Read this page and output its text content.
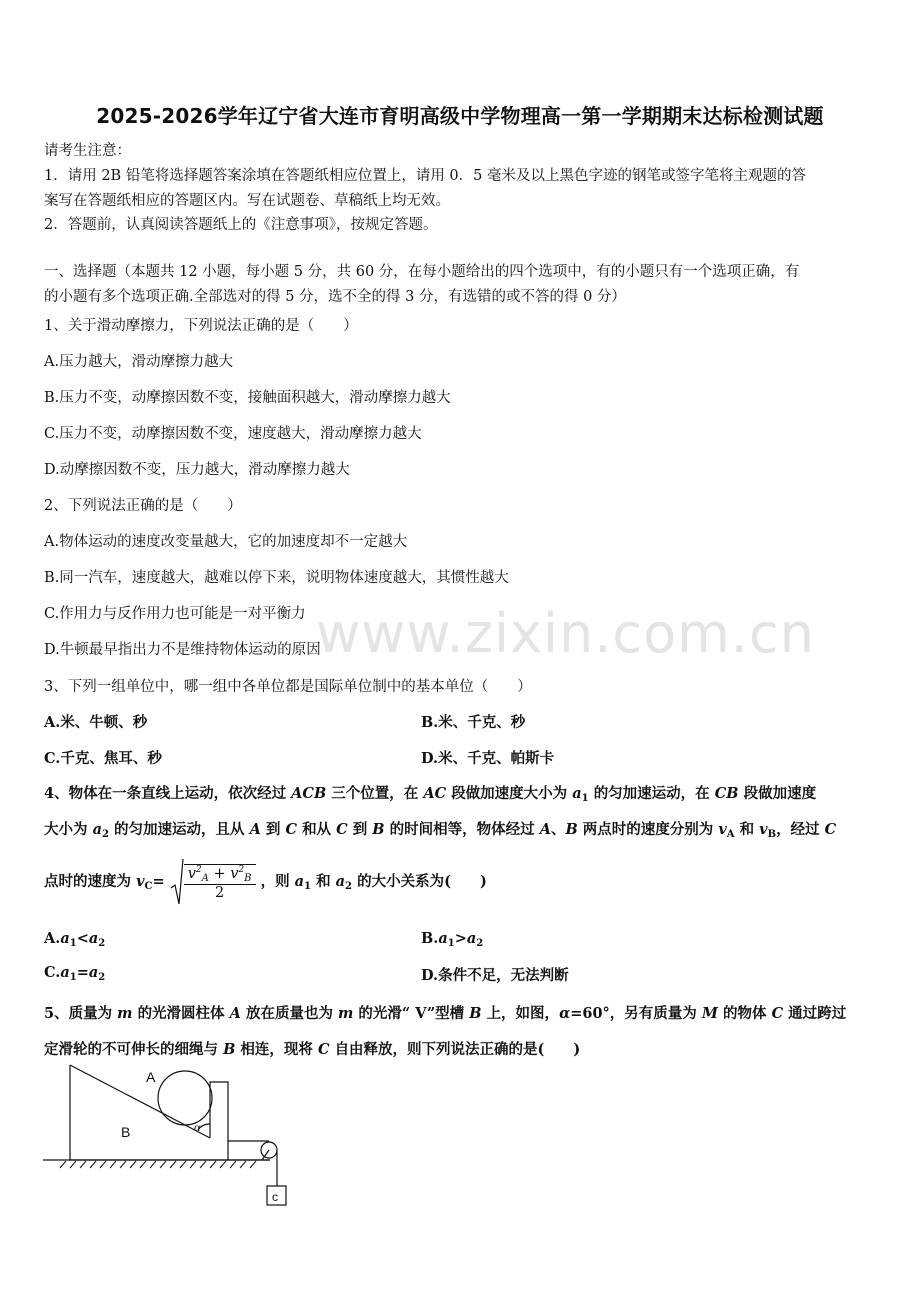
www.zixin.com.cn
2025-2026学年辽宁省大连市育明高级中学物理高一第一学期期末达标检测试题
请考生注意：
1．请用 2B 铅笔将选择题答案涂填在答题纸相应位置上，请用 0．5 毫米及以上黑色字迹的钢笔或签字笔将主观题的答
案写在答题纸相应的答题区内。写在试题卷、草稿纸上均无效。
2．答题前，认真阅读答题纸上的《注意事项》，按规定答题。
一、选择题（本题共 12 小题，每小题 5 分，共 60 分，在每小题给出的四个选项中，有的小题只有一个选项正确，有
的小题有多个选项正确.全部选对的得 5 分，选不全的得 3 分，有选错的或不答的得 0 分）
1、关于滑动摩擦力，下列说法正确的是（　　）
A.压力越大，滑动摩擦力越大
B.压力不变，动摩擦因数不变，接触面积越大，滑动摩擦力越大
C.压力不变，动摩擦因数不变，速度越大，滑动摩擦力越大
D.动摩擦因数不变，压力越大，滑动摩擦力越大
2、下列说法正确的是（　　）
A.物体运动的速度改变量越大，它的加速度却不一定越大
B.同一汽车，速度越大，越难以停下来，说明物体速度越大，其惯性越大
C.作用力与反作用力也可能是一对平衡力
D.牛顿最早指出力不是维持物体运动的原因
3、下列一组单位中，哪一组中各单位都是国际单位制中的基本单位（　　）
A.米、牛顿、秒	B.米、千克、秒
C.千克、焦耳、秒	D.米、千克、帕斯卡
4、物体在一条直线上运动，依次经过 ACB 三个位置，在 AC 段做加速度大小为 $a_1$ 的匀加速运动，在 CB 段做加速度
大小为 $a_2$ 的匀加速运动，且从 A 到 C 和从 C 到 B 的时间相等，物体经过 A、B 两点时的速度分别为 $v_A$ 和 $v_B$，经过 C
点时的速度为 $v_C= \frac{v^2_A + v^2_B}{2}$ ，则 $a_1$ 和 $a_2$ 的大小关系为(　　)
$A.a_1<a_2$	$B.a_1>a_2$
$C.a_1=a_2$	D.条件不足，无法判断
5、质量为 m 的光滑圆柱体 A 放在质量也为 m 的光滑“ V”型槽 B 上，如图，α=60°，另有质量为 M 的物体 C 通过跨过
定滑轮的不可伸长的细绳与 B 相连，现将 C 自由释放，则下列说法正确的是(　　)
A
B	α
c
